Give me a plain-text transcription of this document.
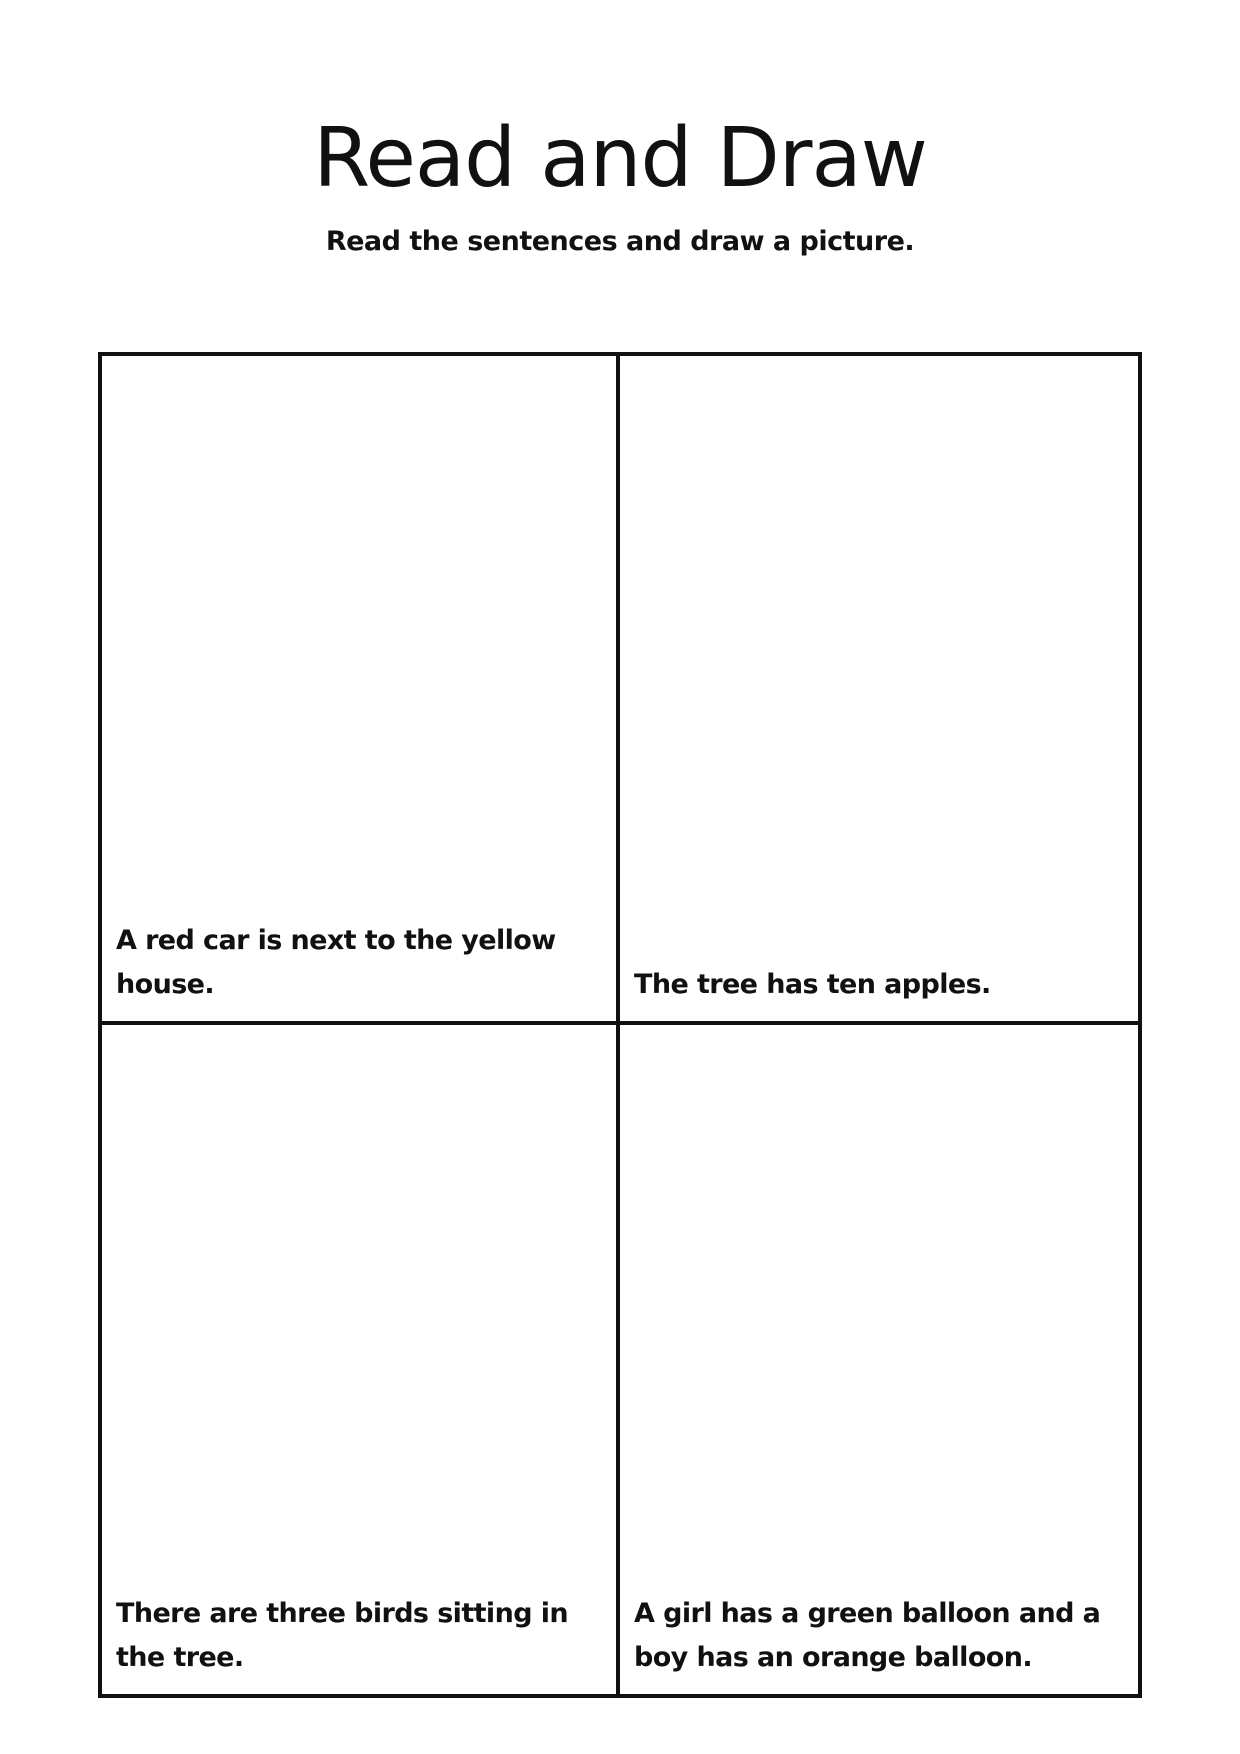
Read and Draw

Read the sentences and draw a picture.

A red car is next to the yellow house.	The tree has ten apples.

There are three birds sitting in the tree.

A girl has a green balloon and a boy has an orange balloon.
